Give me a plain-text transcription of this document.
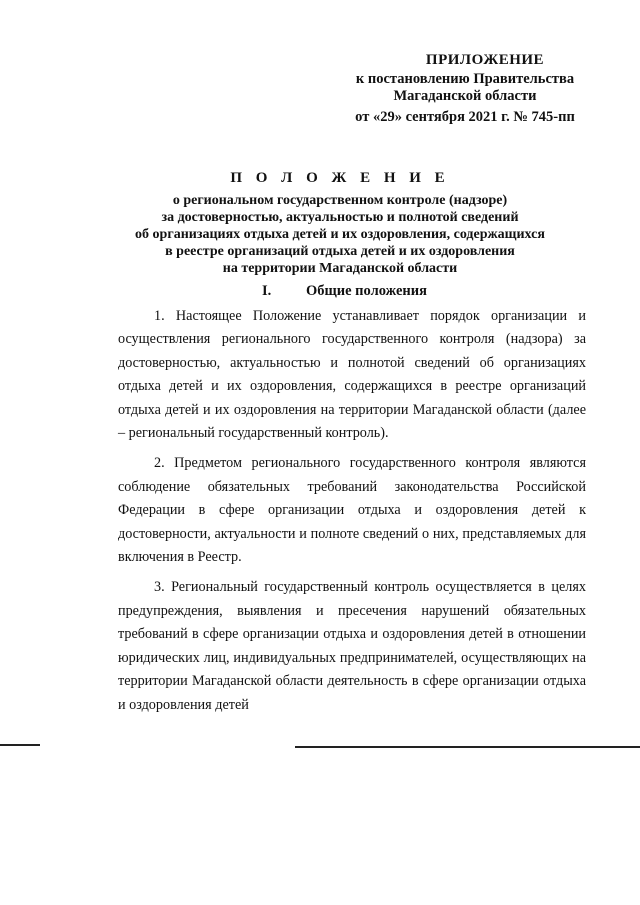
ПРИЛОЖЕНИЕ
к постановлению Правительства
Магаданской области
от «29» сентября 2021 г. № 745-пп
П О Л О Ж Е Н И Е
о региональном государственном контроле (надзоре)
за достоверностью, актуальностью и полнотой сведений
об организациях отдыха детей и их оздоровления, содержащихся
в реестре организаций отдыха детей и их оздоровления
на территории Магаданской области
I. Общие положения

1. Настоящее Положение устанавливает порядок организации и осуществления регионального государственного контроля (надзора) за достоверностью, актуальностью и полнотой сведений об организациях отдыха детей и их оздоровления, содержащихся в реестре организаций отдыха детей и их оздоровления на территории Магаданской области (далее – региональный государственный контроль).

2. Предметом регионального государственного контроля являются соблюдение обязательных требований законодательства Российской Федерации в сфере организации отдыха и оздоровления детей к достоверности, актуальности и полноте сведений о них, представляемых для включения в Реестр.

3. Региональный государственный контроль осуществляется в целях предупреждения, выявления и пресечения нарушений обязательных требований в сфере организации отдыха и оздоровления детей в отношении юридических лиц, индивидуальных предпринимателей, осуществляющих на территории Магаданской области деятельность в сфере организации отдыха и оздоровления детей
